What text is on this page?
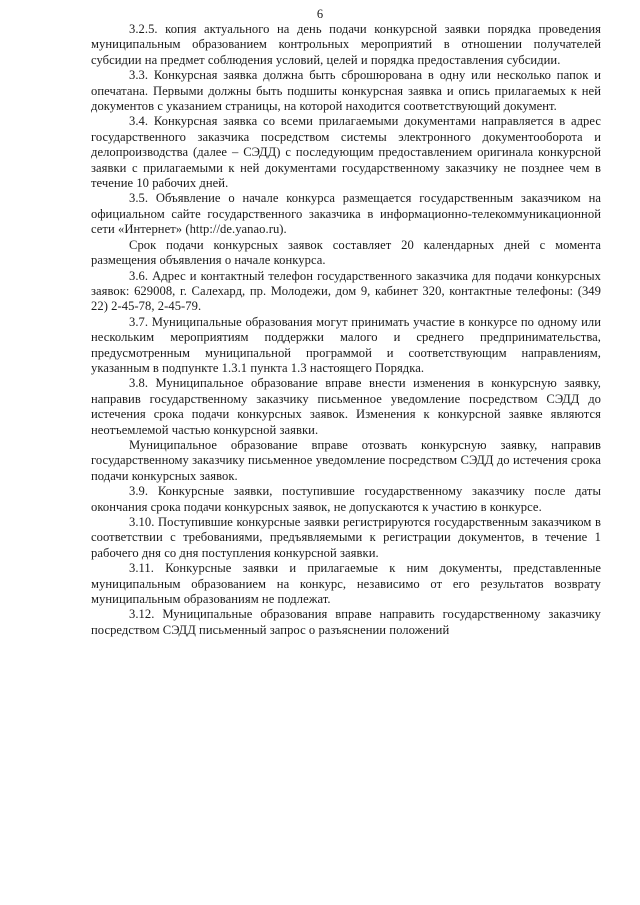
6

3.2.5. копия актуального на день подачи конкурсной заявки порядка проведения муниципальным образованием контрольных мероприятий в отношении получателей субсидии на предмет соблюдения условий, целей и порядка предоставления субсидии.

3.3. Конкурсная заявка должна быть сброшюрована в одну или несколько папок и опечатана. Первыми должны быть подшиты конкурсная заявка и опись прилагаемых к ней документов с указанием страницы, на которой находится соответствующий документ.

3.4. Конкурсная заявка со всеми прилагаемыми документами направляется в адрес государственного заказчика посредством системы электронного документооборота и делопроизводства (далее – СЭДД) с последующим предоставлением оригинала конкурсной заявки с прилагаемыми к ней документами государственному заказчику не позднее чем в течение 10 рабочих дней.

3.5. Объявление о начале конкурса размещается государственным заказчиком на официальном сайте государственного заказчика в информационно-телекоммуникационной сети «Интернет» (http://de.yanao.ru).

Срок подачи конкурсных заявок составляет 20 календарных дней с момента размещения объявления о начале конкурса.

3.6. Адрес и контактный телефон государственного заказчика для подачи конкурсных заявок: 629008, г. Салехард, пр. Молодежи, дом 9, кабинет 320, контактные телефоны: (349 22) 2-45-78, 2-45-79.

3.7. Муниципальные образования могут принимать участие в конкурсе по одному или нескольким мероприятиям поддержки малого и среднего предпринимательства, предусмотренным муниципальной программой и соответствующим направлениям, указанным в подпункте 1.3.1 пункта 1.3 настоящего Порядка.

3.8. Муниципальное образование вправе внести изменения в конкурсную заявку, направив государственному заказчику письменное уведомление посредством СЭДД до истечения срока подачи конкурсных заявок. Изменения к конкурсной заявке являются неотъемлемой частью конкурсной заявки.

Муниципальное образование вправе отозвать конкурсную заявку, направив государственному заказчику письменное уведомление посредством СЭДД до истечения срока подачи конкурсных заявок.

3.9. Конкурсные заявки, поступившие государственному заказчику после даты окончания срока подачи конкурсных заявок, не допускаются к участию в конкурсе.

3.10. Поступившие конкурсные заявки регистрируются государственным заказчиком в соответствии с требованиями, предъявляемыми к регистрации документов, в течение 1 рабочего дня со дня поступления конкурсной заявки.

3.11. Конкурсные заявки и прилагаемые к ним документы, представленные муниципальным образованием на конкурс, независимо от его результатов возврату муниципальным образованиям не подлежат.

3.12. Муниципальные образования вправе направить государственному заказчику посредством СЭДД письменный запрос о разъяснении положений
